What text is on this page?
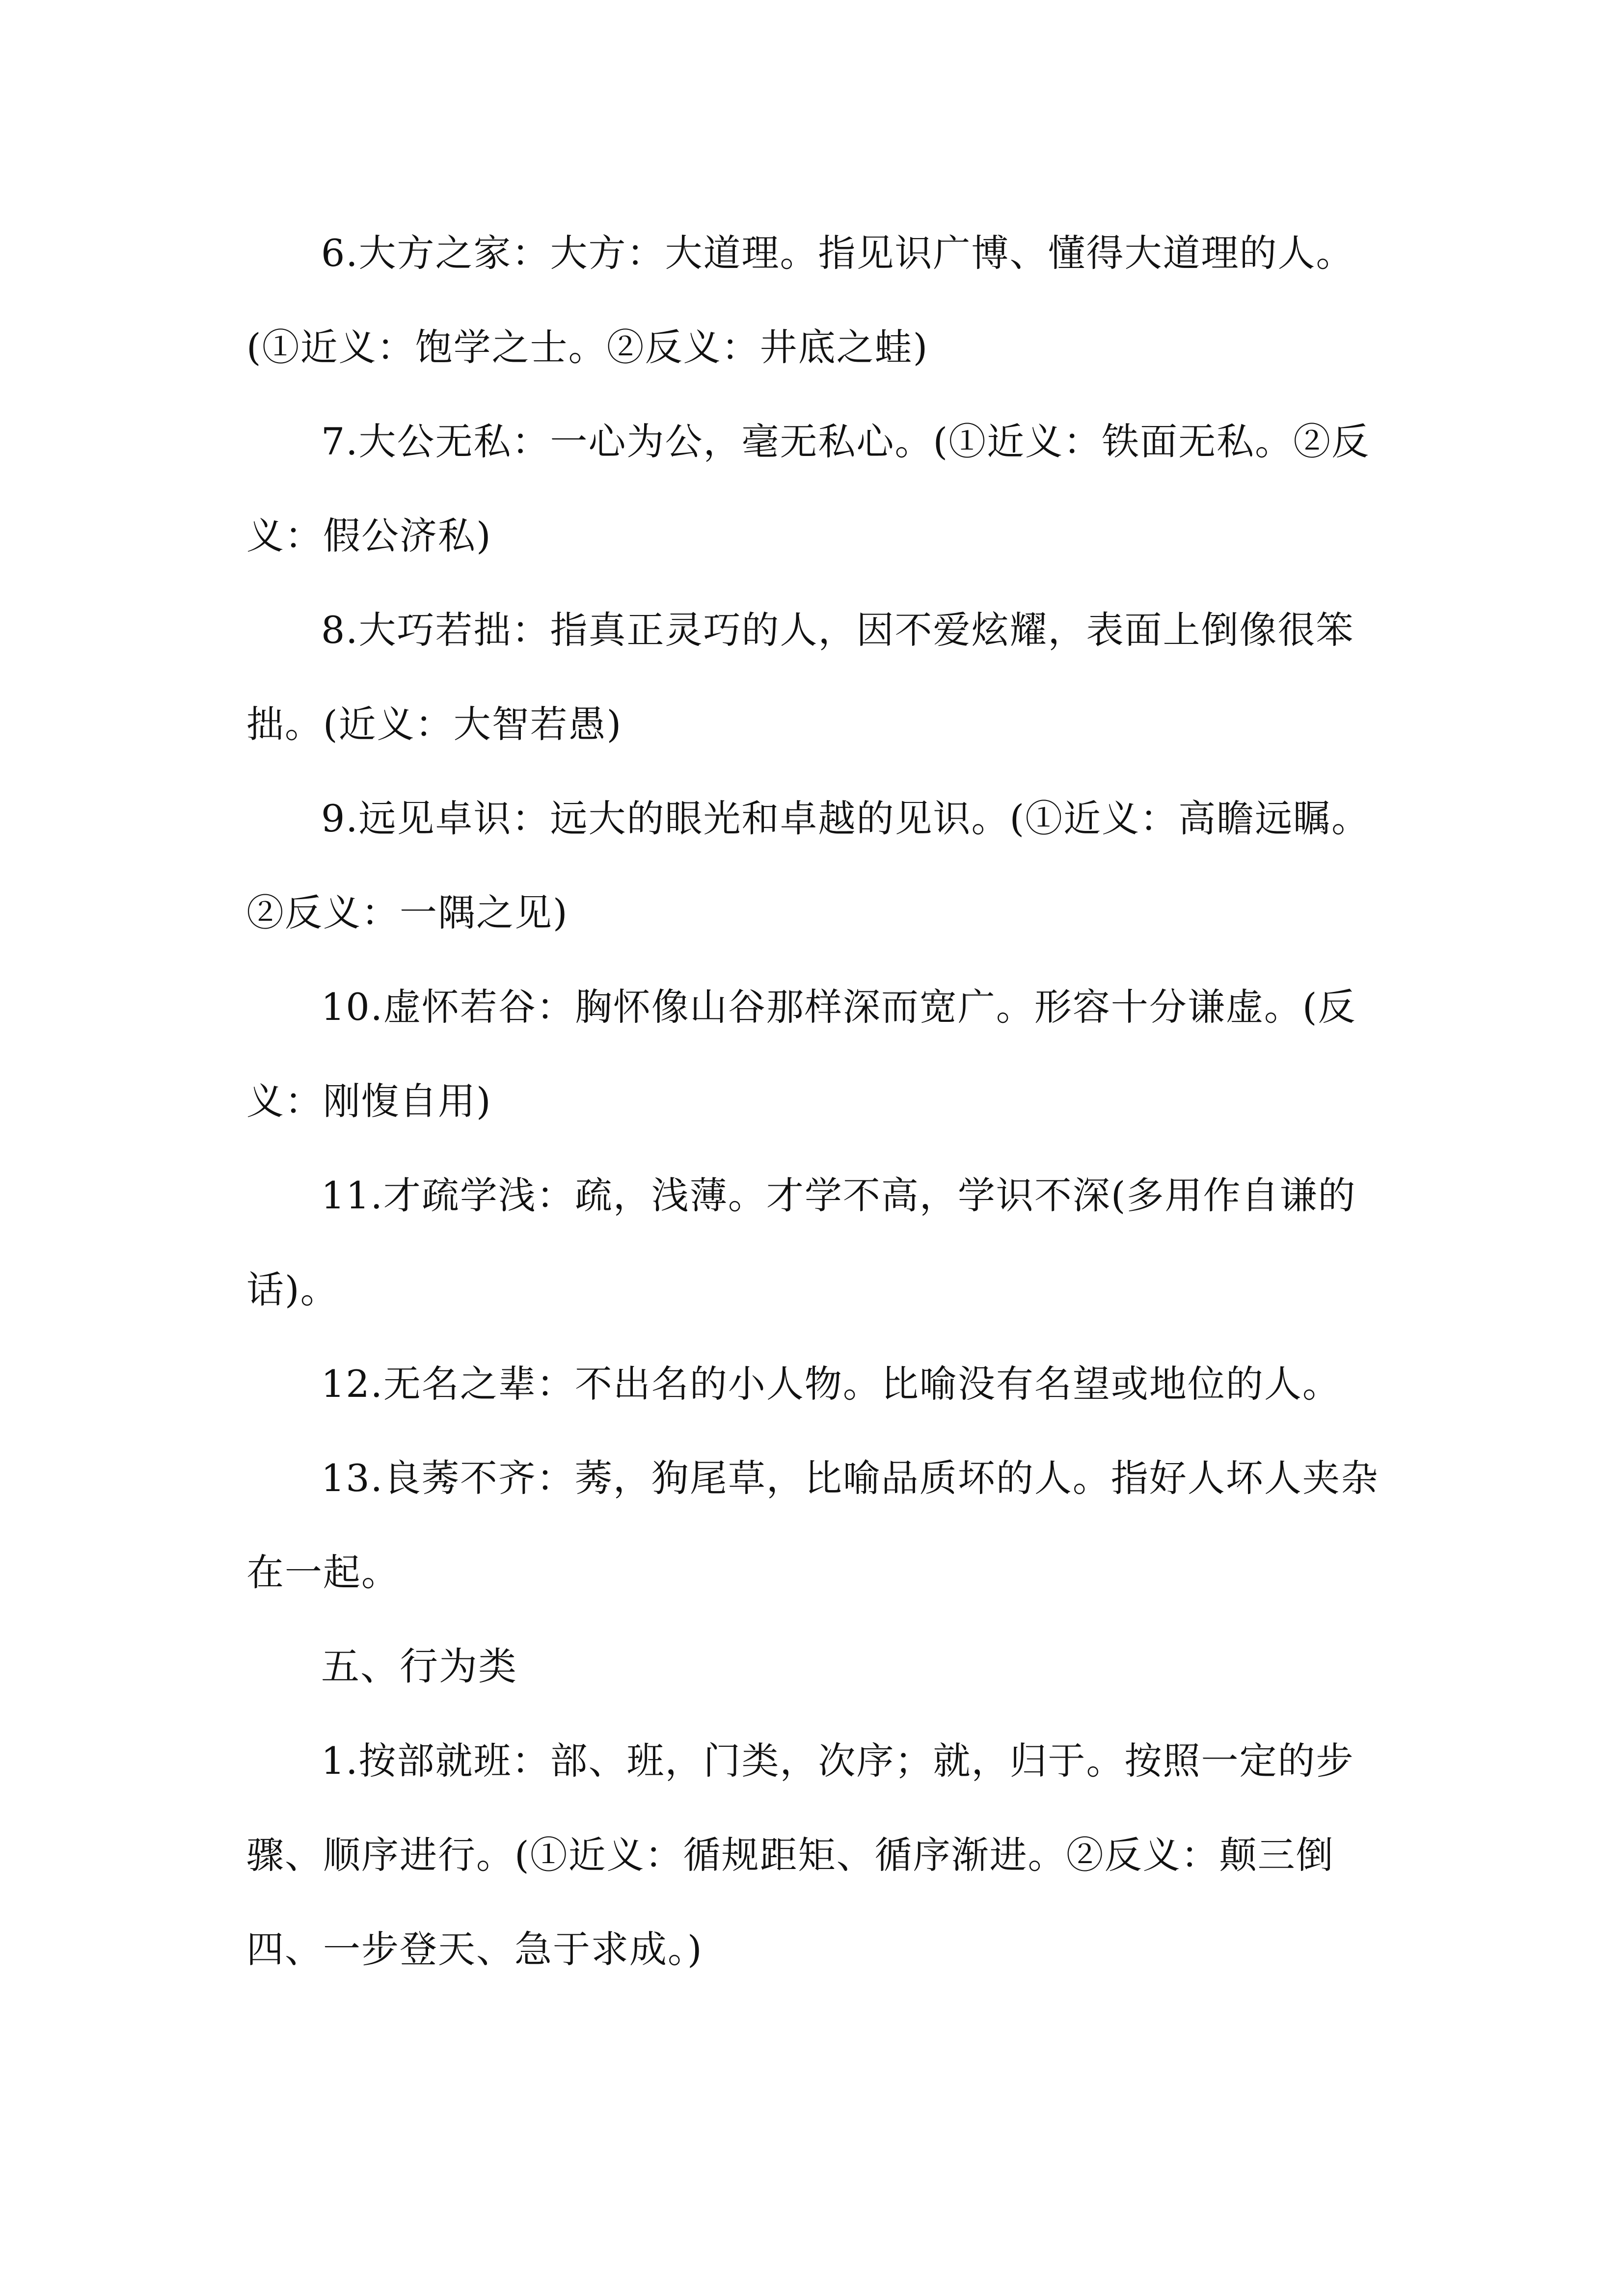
6.大方之家：大方：大道理。指见识广博、懂得大道理的人。(①近义：饱学之士。②反义：井底之蛙)

7.大公无私：一心为公，毫无私心。(①近义：铁面无私。②反义：假公济私)

8.大巧若拙：指真正灵巧的人，因不爱炫耀，表面上倒像很笨拙。(近义：大智若愚)

9.远见卓识：远大的眼光和卓越的见识。(①近义：高瞻远瞩。②反义：一隅之见)

10.虚怀若谷：胸怀像山谷那样深而宽广。形容十分谦虚。(反义：刚愎自用)

11.才疏学浅：疏，浅薄。才学不高，学识不深(多用作自谦的话)。

12.无名之辈：不出名的小人物。比喻没有名望或地位的人。

13.良莠不齐：莠，狗尾草，比喻品质坏的人。指好人坏人夹杂在一起。

五、行为类

1.按部就班：部、班，门类，次序；就，归于。按照一定的步骤、顺序进行。(①近义：循规距矩、循序渐进。②反义：颠三倒四、一步登天、急于求成。)
